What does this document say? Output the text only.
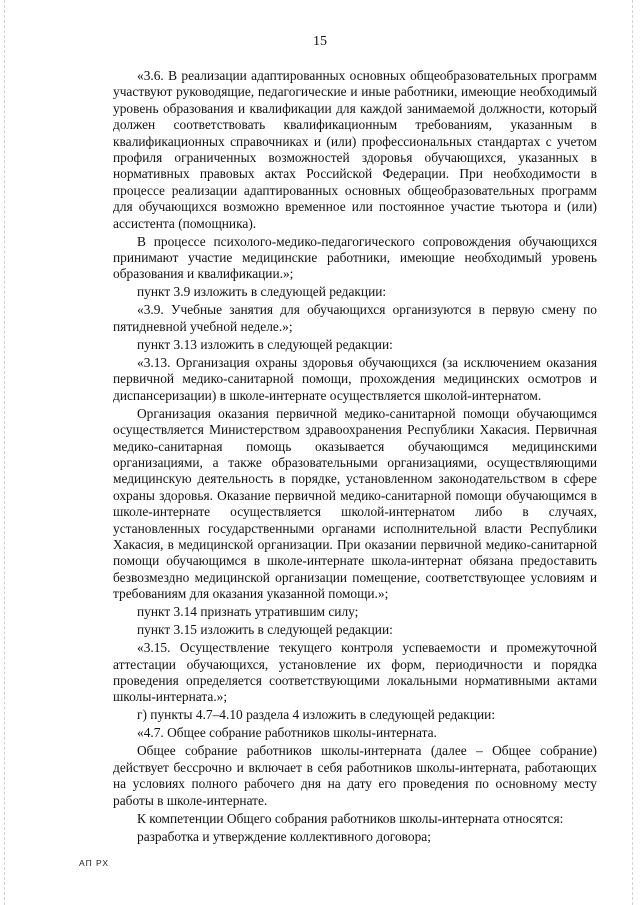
15

«3.6. В реализации адаптированных основных общеобразовательных программ участвуют руководящие, педагогические и иные работники, имеющие необходимый уровень образования и квалификации для каждой занимаемой должности, который должен соответствовать квалификационным требованиям, указанным в квалификационных справочниках и (или) профессиональных стандартах с учетом профиля ограниченных возможностей здоровья обучающихся, указанных в нормативных правовых актах Российской Федерации. При необходимости в процессе реализации адаптированных основных общеобразовательных программ для обучающихся возможно временное или постоянное участие тьютора и (или) ассистента (помощника).

В процессе психолого-медико-педагогического сопровождения обучающихся принимают участие медицинские работники, имеющие необходимый уровень образования и квалификации.»;

пункт 3.9 изложить в следующей редакции:

«3.9. Учебные занятия для обучающихся организуются в первую смену по пятидневной учебной неделе.»;

пункт 3.13 изложить в следующей редакции:

«3.13. Организация охраны здоровья обучающихся (за исключением оказания первичной медико-санитарной помощи, прохождения медицинских осмотров и диспансеризации) в школе-интернате осуществляется школой-интернатом.

Организация оказания первичной медико-санитарной помощи обучающимся осуществляется Министерством здравоохранения Республики Хакасия. Первичная медико-санитарная помощь оказывается обучающимся медицинскими организациями, а также образовательными организациями, осуществляющими медицинскую деятельность в порядке, установленном законодательством в сфере охраны здоровья. Оказание первичной медико-санитарной помощи обучающимся в школе-интернате осуществляется школой-интернатом либо в случаях, установленных государственными органами исполнительной власти Республики Хакасия, в медицинской организации. При оказании первичной медико-санитарной помощи обучающимся в школе-интернате школа-интернат обязана предоставить безвозмездно медицинской организации помещение, соответствующее условиям и требованиям для оказания указанной помощи.»;

пункт 3.14 признать утратившим силу;

пункт 3.15 изложить в следующей редакции:

«3.15. Осуществление текущего контроля успеваемости и промежуточной аттестации обучающихся, установление их форм, периодичности и порядка проведения определяется соответствующими локальными нормативными актами школы-интерната.»;

г) пункты 4.7–4.10 раздела 4 изложить в следующей редакции:

«4.7. Общее собрание работников школы-интерната.

Общее собрание работников школы-интерната (далее – Общее собрание) действует бессрочно и включает в себя работников школы-интерната, работающих на условиях полного рабочего дня на дату его проведения по основному месту работы в школе-интернате.

К компетенции Общего собрания работников школы-интерната относятся:

разработка и утверждение коллективного договора;

АП РХ
